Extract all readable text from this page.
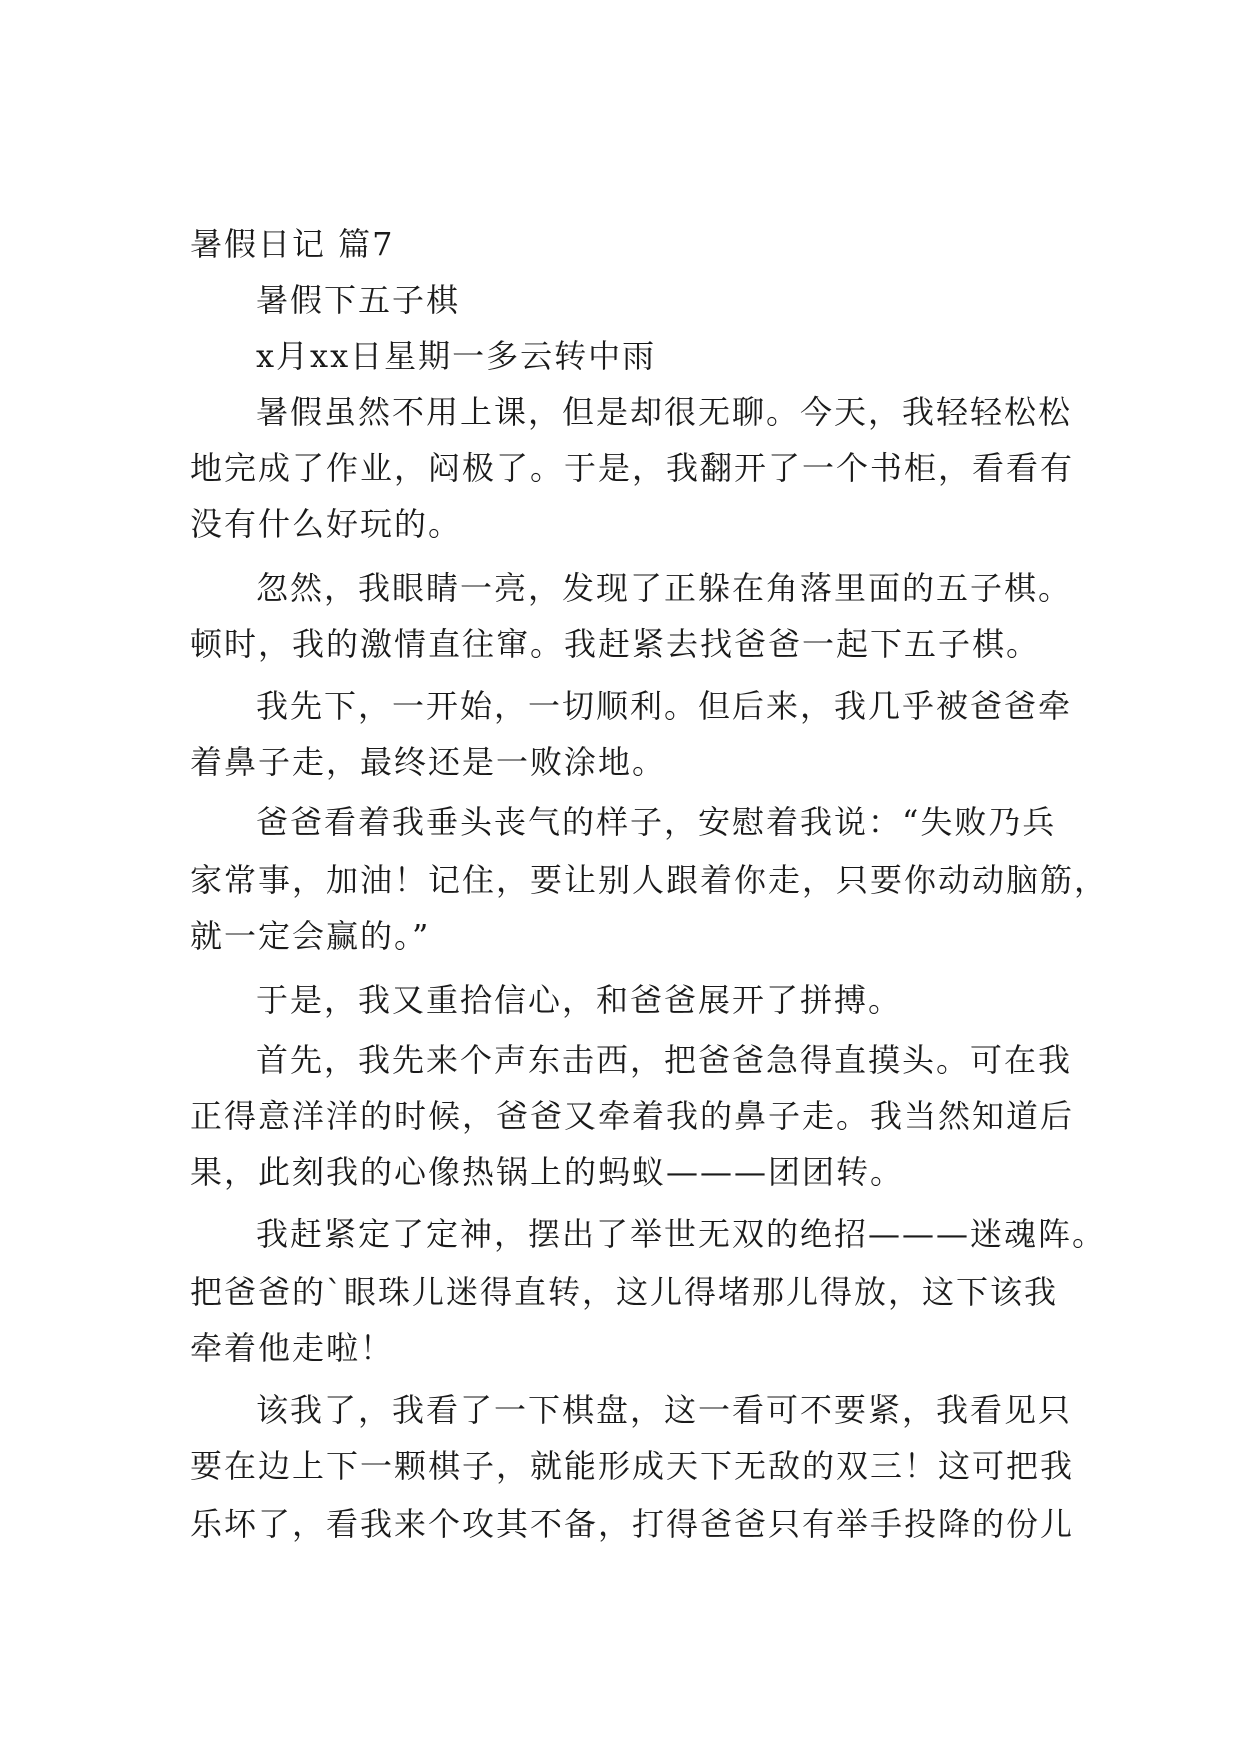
暑假日记 篇7
暑假下五子棋
x月xx日星期一多云转中雨
暑假虽然不用上课，但是却很无聊。今天，我轻轻松松
地完成了作业，闷极了。于是，我翻开了一个书柜，看看有
没有什么好玩的。
忽然，我眼睛一亮，发现了正躲在角落里面的五子棋。
顿时，我的激情直往窜。我赶紧去找爸爸一起下五子棋。
我先下，一开始，一切顺利。但后来，我几乎被爸爸牵
着鼻子走，最终还是一败涂地。
爸爸看着我垂头丧气的样子，安慰着我说：“失败乃兵
家常事，加油！记住，要让别人跟着你走，只要你动动脑筋，
就一定会赢的。”
于是，我又重拾信心，和爸爸展开了拼搏。
首先，我先来个声东击西，把爸爸急得直摸头。可在我
正得意洋洋的时候，爸爸又牵着我的鼻子走。我当然知道后
果，此刻我的心像热锅上的蚂蚁———团团转。
我赶紧定了定神，摆出了举世无双的绝招———迷魂阵。
把爸爸的`眼珠儿迷得直转，这儿得堵那儿得放，这下该我
牵着他走啦！
该我了，我看了一下棋盘，这一看可不要紧，我看见只
要在边上下一颗棋子，就能形成天下无敌的双三！这可把我
乐坏了，看我来个攻其不备，打得爸爸只有举手投降的份儿
